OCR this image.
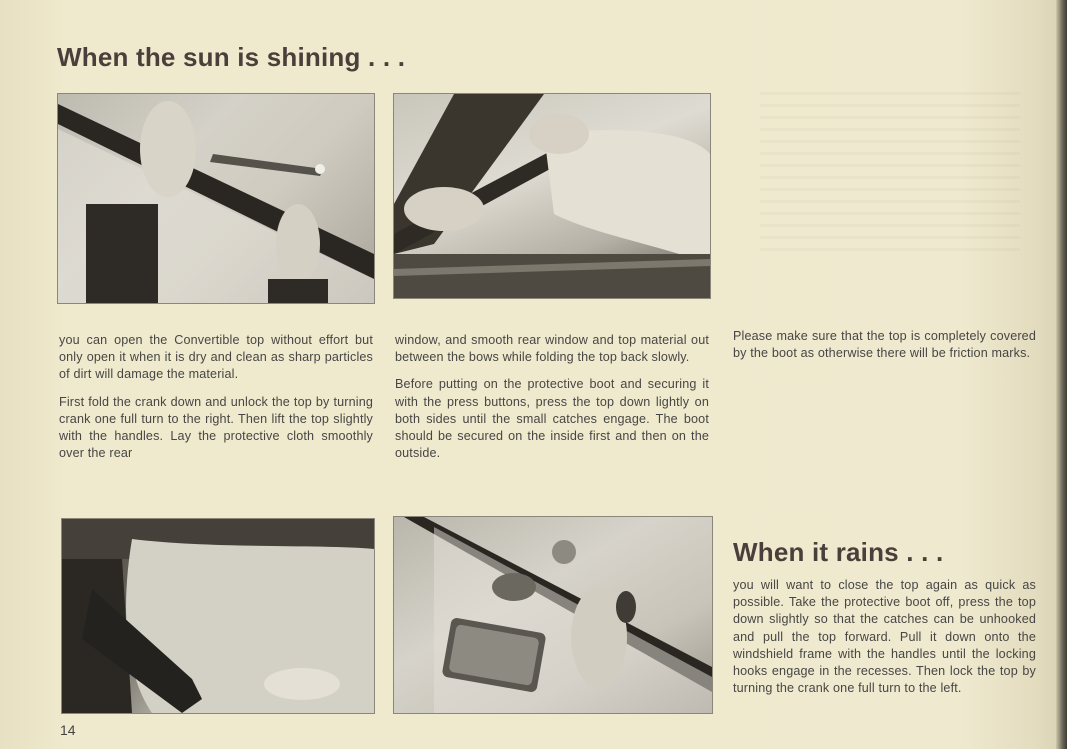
When the sun is shining . . .

you can open the Convertible top without effort but only open it when it is dry and clean as sharp particles of dirt will damage the material.

First fold the crank down and unlock the top by turning crank one full turn to the right. Then lift the top slightly with the handles. Lay the protective cloth smoothly over the rear

window, and smooth rear window and top material out between the bows while folding the top back slowly.

Before putting on the protective boot and securing it with the press buttons, press the top down lightly on both sides until the small catches engage. The boot should be secured on the inside first and then on the outside.

Please make sure that the top is completely covered by the boot as otherwise there will be friction marks.

When it rains . . .

you will want to close the top again as quick as possible. Take the protective boot off, press the top down slightly so that the catches can be unhooked and pull the top forward. Pull it down onto the windshield frame with the handles until the locking hooks engage in the recesses. Then lock the top by turning the crank one full turn to the left.

14
